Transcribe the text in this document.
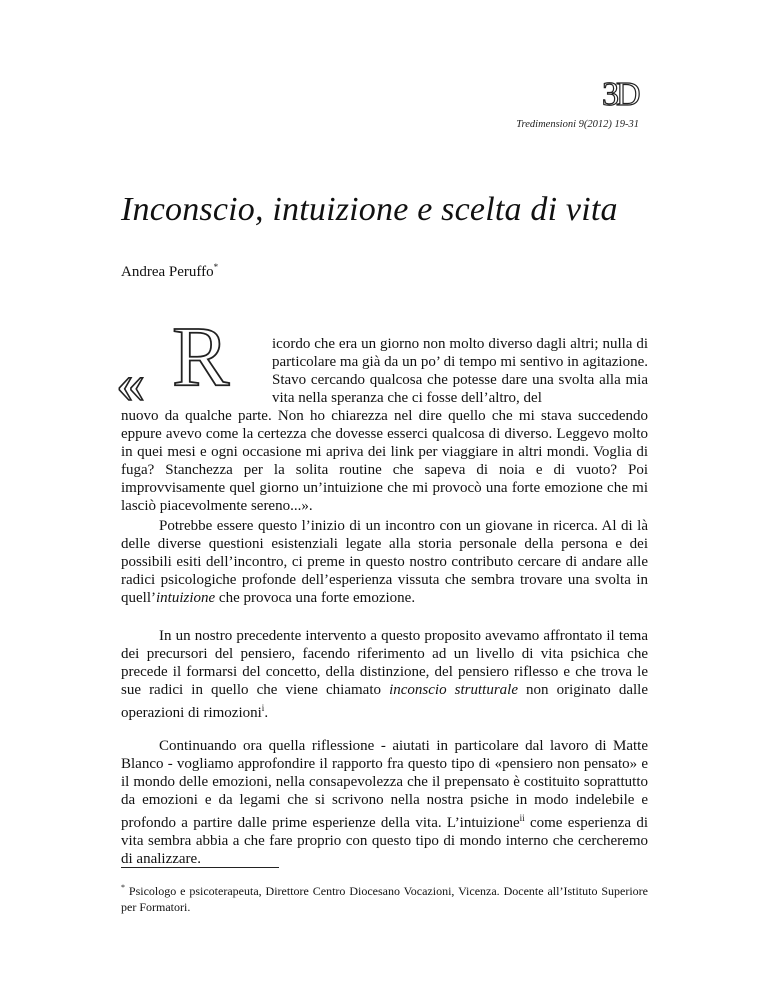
3D
Tredimensioni 9(2012) 19-31
Inconscio, intuizione e scelta di vita
Andrea Peruffo*
« R	icordo che era un giorno non molto diverso dagli altri; nulla di particolare ma già da un po’ di tempo mi sentivo in agitazione. Stavo cercando qualcosa che potesse dare una svolta alla mia vita nella speranza che ci fosse dell’altro, del

nuovo da qualche parte. Non ho chiarezza nel dire quello che mi stava succedendo eppure avevo come la certezza che dovesse esserci qualcosa di diverso. Leggevo molto in quei mesi e ogni occasione mi apriva dei link per viaggiare in altri mondi. Voglia di fuga? Stanchezza per la solita routine che sapeva di noia e di vuoto? Poi improvvisamente quel giorno un’intuizione che mi provocò una forte emozione che mi lasciò piacevolmente sereno...».

Potrebbe essere questo l’inizio di un incontro con un giovane in ricerca. Al di là delle diverse questioni esistenziali legate alla storia personale della persona e dei possibili esiti dell’incontro, ci preme in questo nostro contributo cercare di andare alle radici psicologiche profonde dell’esperienza vissuta che sembra trovare una svolta in quell’intuizione che provoca una forte emozione.

In un nostro precedente intervento a questo proposito avevamo affrontato il tema dei precursori del pensiero, facendo riferimento ad un livello di vita psichica che precede il formarsi del concetto, della distinzione, del pensiero riflesso e che trova le sue radici in quello che viene chiamato inconscio strutturale non originato dalle operazioni di rimozioni$^i$.

Continuando ora quella riflessione - aiutati in particolare dal lavoro di Matte Blanco - vogliamo approfondire il rapporto fra questo tipo di «pensiero non pensato» e il mondo delle emozioni, nella consapevolezza che il prepensato è costituito soprattutto da emozioni e da legami che si scrivono nella nostra psiche in modo indelebile e profondo a partire dalle prime esperienze della vita. L’intuizione$^{ii}$ come esperienza di vita sembra abbia a che fare proprio con questo tipo di mondo interno che cercheremo di analizzare.

* Psicologo e psicoterapeuta, Direttore Centro Diocesano Vocazioni, Vicenza. Docente all’Istituto Superiore per Formatori.
